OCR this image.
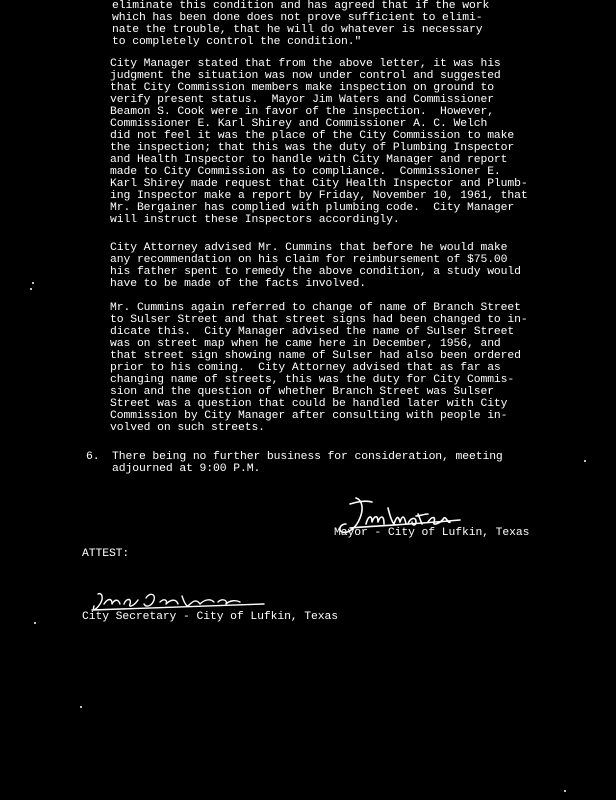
eliminate this condition and has agreed that if the work
which has been done does not prove sufficient to elimi-
nate the trouble, that he will do whatever is necessary
to completely control the condition."
City Manager stated that from the above letter, it was his
judgment the situation was now under control and suggested
that City Commission members make inspection on ground to
verify present status.  Mayor Jim Waters and Commissioner
Beamon S. Cook were in favor of the inspection.  However,
Commissioner E. Karl Shirey and Commissioner A. C. Welch
did not feel it was the place of the City Commission to make
the inspection; that this was the duty of Plumbing Inspector
and Health Inspector to handle with City Manager and report
made to City Commission as to compliance.  Commissioner E.
Karl Shirey made request that City Health Inspector and Plumb-
ing Inspector make a report by Friday, November 10, 1961, that
Mr. Bergainer has complied with plumbing code.  City Manager
will instruct these Inspectors accordingly.
City Attorney advised Mr. Cummins that before he would make
any recommendation on his claim for reimbursement of $75.00
his father spent to remedy the above condition, a study would
have to be made of the facts involved.
Mr. Cummins again referred to change of name of Branch Street
to Sulser Street and that street signs had been changed to in-
dicate this.  City Manager advised the name of Sulser Street
was on street map when he came here in December, 1956, and
that street sign showing name of Sulser had also been ordered
prior to his coming.  City Attorney advised that as far as
changing name of streets, this was the duty for City Commis-
sion and the question of whether Branch Street was Sulser
Street was a question that could be handled later with City
Commission by City Manager after consulting with people in-
volved on such streets.
6. There being no further business for consideration, meeting
adjourned at 9:00 P.M.
Mayor - City of Lufkin, Texas
ATTEST:
City Secretary - City of Lufkin, Texas
